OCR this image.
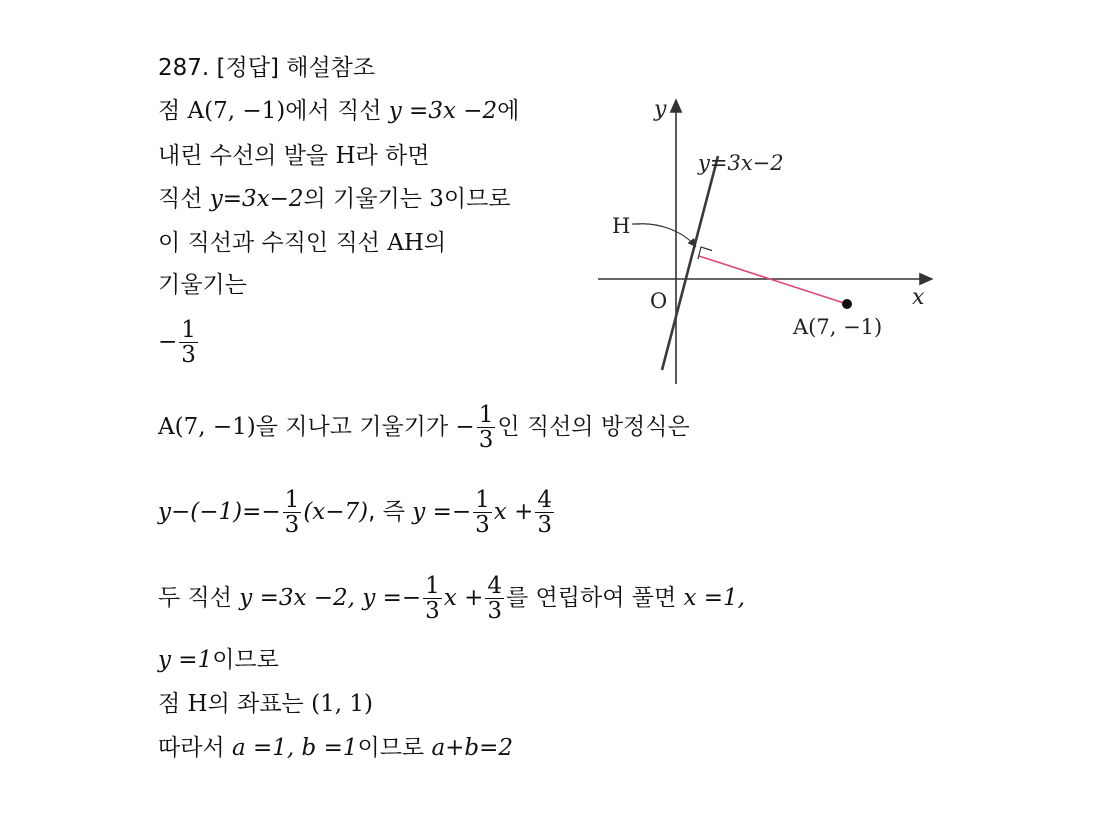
287. [정답] 해설참조
점 A(7, −1)에서 직선 y =3x −2에
내린 수선의 발을 H라 하면
직선 y=3x−2의 기울기는 3이므로
이 직선과 수직인 직선 AH의
기울기는
− $\frac{1}{3}$
A(7, −1)을 지나고 기울기가 − $\frac{1}{3}$ 인 직선의 방정식은
$y-(-1)=- \frac{1}{3} (x-7)$, 즉 $y =- \frac{1}{3}$ $x + \frac{4}{3}$
두 직선 y =3x −2, $y =- \frac{1}{3}$ $x + \frac{4}{3}$ 를 연립하여 풀면 x =1,
y =1이므로
점 H의 좌표는 (1, 1)
따라서 a =1, b =1이므로 a+b=2
y
x
O
y=3x−2
H
A(7, −1)
